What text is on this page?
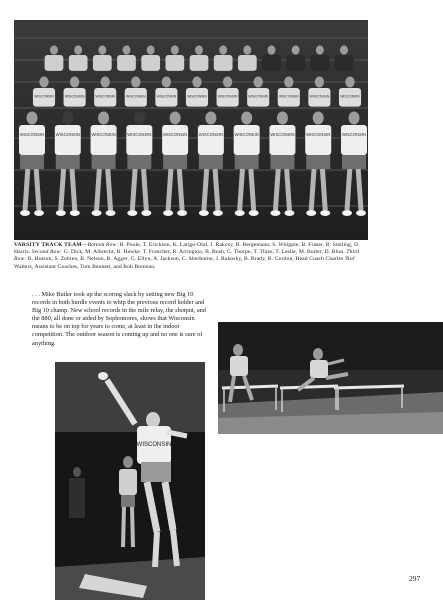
WISCONSIN	WISCONSIN	WISCONSIN	WISCONSIN	WISCONSIN	WISCONSIN	WISCONSIN	WISCONSIN	WISCONSIN	WISCONSIN	WISCONSIN
WISCONSIN	WISCONSIN	WISCONSIN	WISCONSIN	WISCONSIN	WISCONSIN	WISCONSIN	WISCONSIN	WISCONSIN	WISCONSIN
VARSITY TRACK TEAM—Bottom Row: R. Poole, T. Erickson, K. Latigo-Olal, J. Rakosy, B. Bergemann, S. Whipple, B. Fraser, R. Stalling, D. Harris. Second Row: G. Dick, M. Albrecht, B. Hawke, T. Francher, R. Arrington, B. Bush, C. Thorpe, T. Thies, T. Leslie, M. Butler, D. Bliss. Third Row: B. Hutson, S. Zehren, B. Nelson, B. Agger, G. Ellyn, A. Jackson, C. Sherburne, J. Rakosky, B. Brady, B. Gordon, Head Coach Charles 'Rut' Walters, Assistant Coaches, Tom Bennett, and Bob Brennan.
. . . Mike Butler took up the scoring slack by setting new Big 10 records in both hurdle events to whip the previous record holder and Big 10 champ. New school records in the mile relay, the shotput, and the 880, all done or aided by Sophomores, shows that Wisconsin means to be on top for years to come, at least in the indoor competition. The outdoor season is coming up and no one is sure of anything.
WISCONSIN
297
